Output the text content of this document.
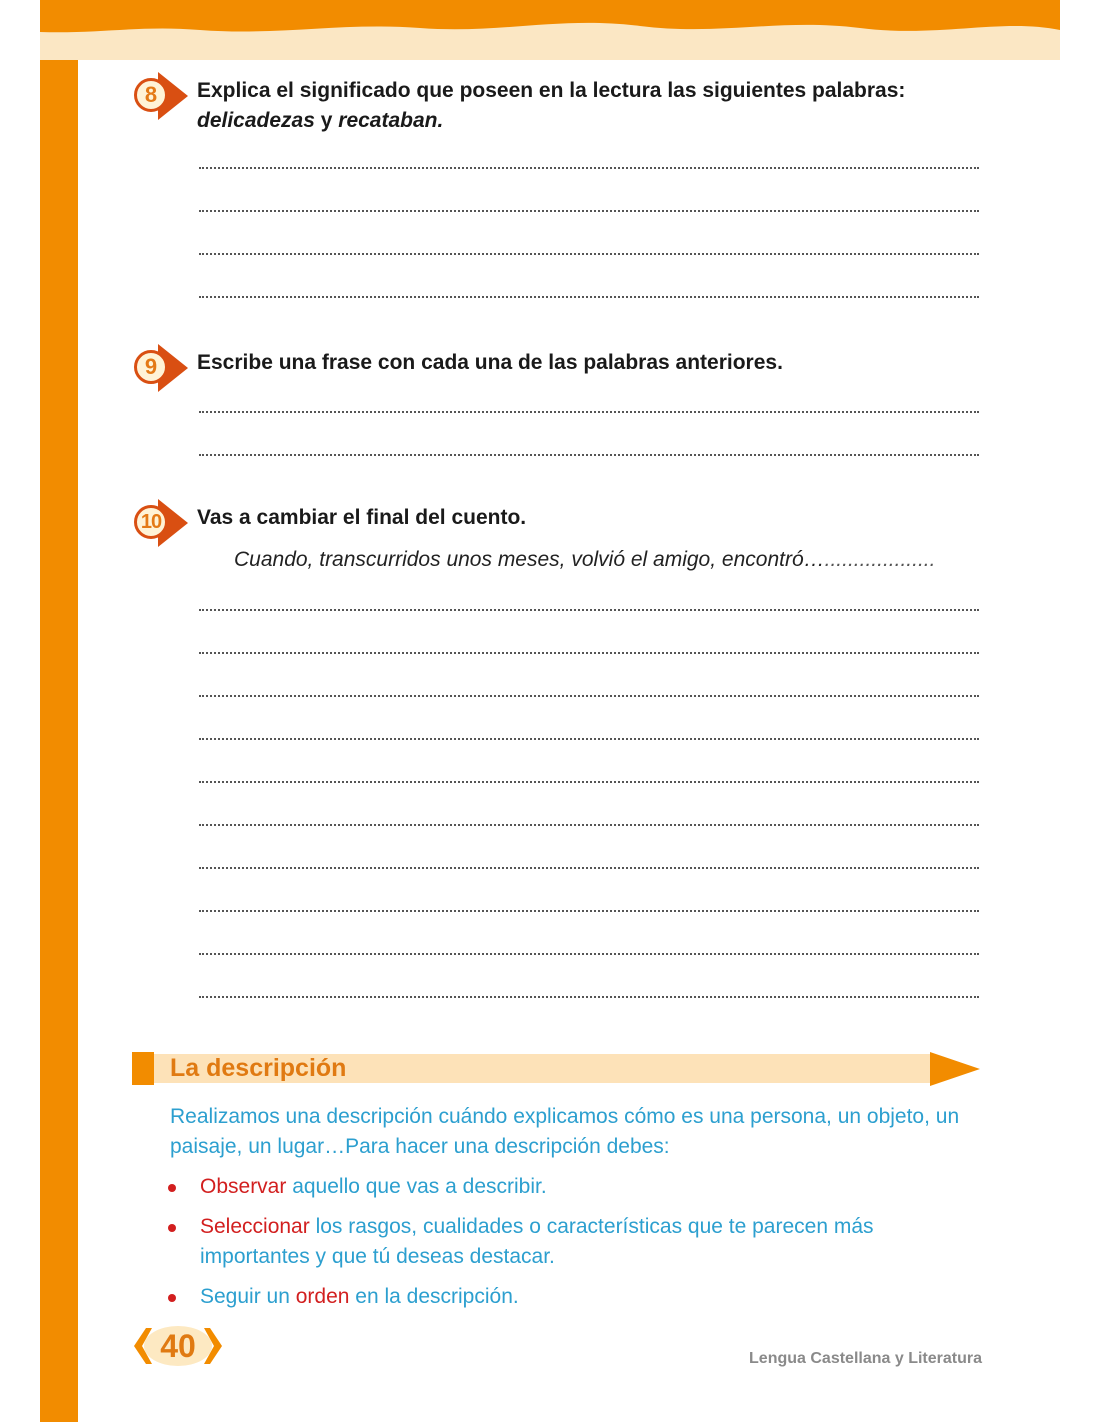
8	Explica el significado que poseen en la lectura las siguientes palabras:
delicadezas y recataban.
9	Escribe una frase con cada una de las palabras anteriores.
10	Vas a cambiar el final del cuento.
Cuando, transcurridos unos meses, volvió el amigo, encontró…...................
La descripción
Realizamos una descripción cuándo explicamos cómo es una persona, un objeto, un paisaje, un lugar…Para hacer una descripción debes:
Observar aquello que vas a describir.
Seleccionar los rasgos, cualidades o características que te parecen más importantes y que tú deseas destacar.
Seguir un orden en la descripción.
40	Lengua Castellana y Literatura
